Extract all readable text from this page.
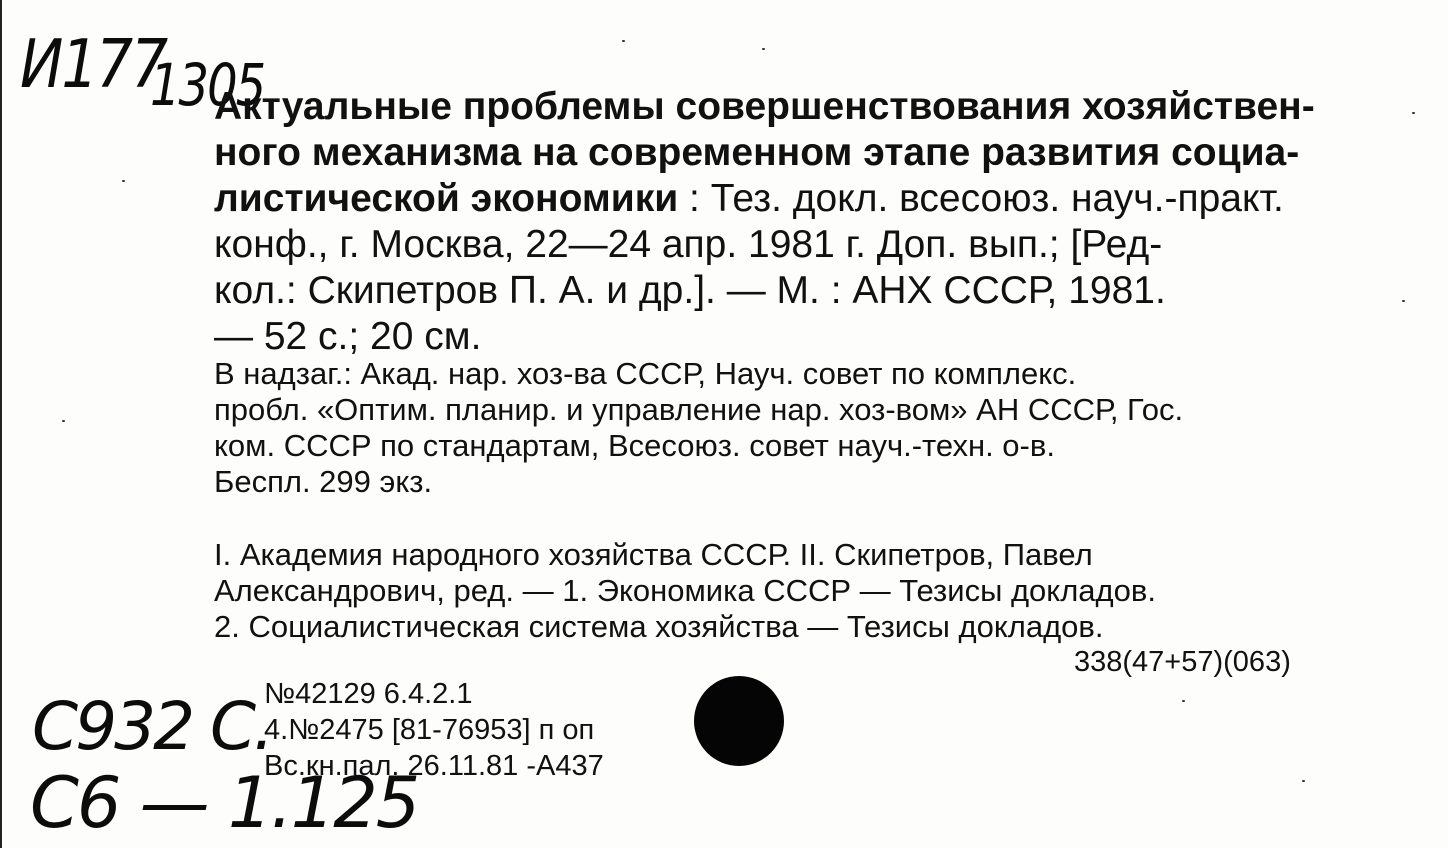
И177
1305
Актуальные проблемы совершенствования хозяйствен-
ного механизма на современном этапе развития социа-
листической экономики : Тез. докл. всесоюз. науч.-практ.
конф., г. Москва, 22—24 апр. 1981 г. Доп. вып.; [Ред-
кол.: Скипетров П. А. и др.]. — М. : АНХ СССР, 1981.
— 52 с.; 20 см.
В надзаг.: Акад. нар. хоз-ва СССР, Науч. совет по комплекс.
пробл. «Оптим. планир. и управление нар. хоз-вом» АН СССР, Гос.
ком. СССР по стандартам, Всесоюз. совет науч.-техн. о-в.
Беспл. 299 экз.
I. Академия народного хозяйства СССР. II. Скипетров, Павел
Александрович, ред. — 1. Экономика СССР — Тезисы докладов.
2. Социалистическая система хозяйства — Тезисы докладов.
338(47+57)(063)
№42129 6.4.2.1
4.№2475 [81-76953] п оп
Вс.кн.пал. 26.11.81 -А437
С932 С.
С6 — 1.125
